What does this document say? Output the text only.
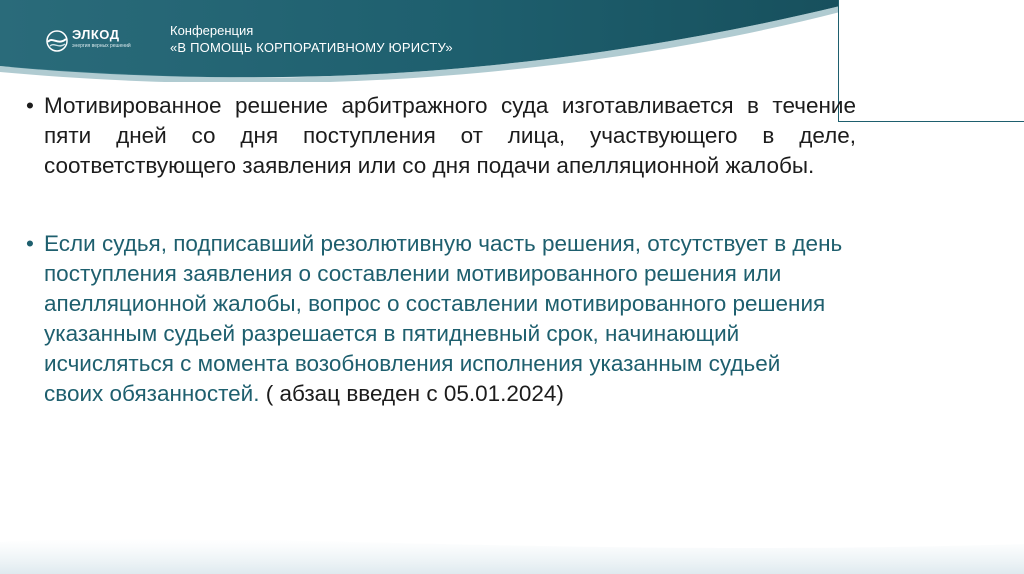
ЭЛКОД
энергия верных решений
Конференция
«В ПОМОЩЬ КОРПОРАТИВНОМУ ЮРИСТУ»
• Мотивированное решение арбитражного суда изготавливается в течение пяти дней со дня поступления от лица, участвующего в деле, соответствующего заявления или со дня подачи апелляционной жалобы.
• Если судья, подписавший резолютивную часть решения, отсутствует в день поступления заявления о составлении мотивированного решения или апелляционной жалобы, вопрос о составлении мотивированного решения указанным судьей разрешается в пятидневный срок, начинающий исчисляться с момента возобновления исполнения указанным судьей своих обязанностей. ( абзац введен с 05.01.2024)
